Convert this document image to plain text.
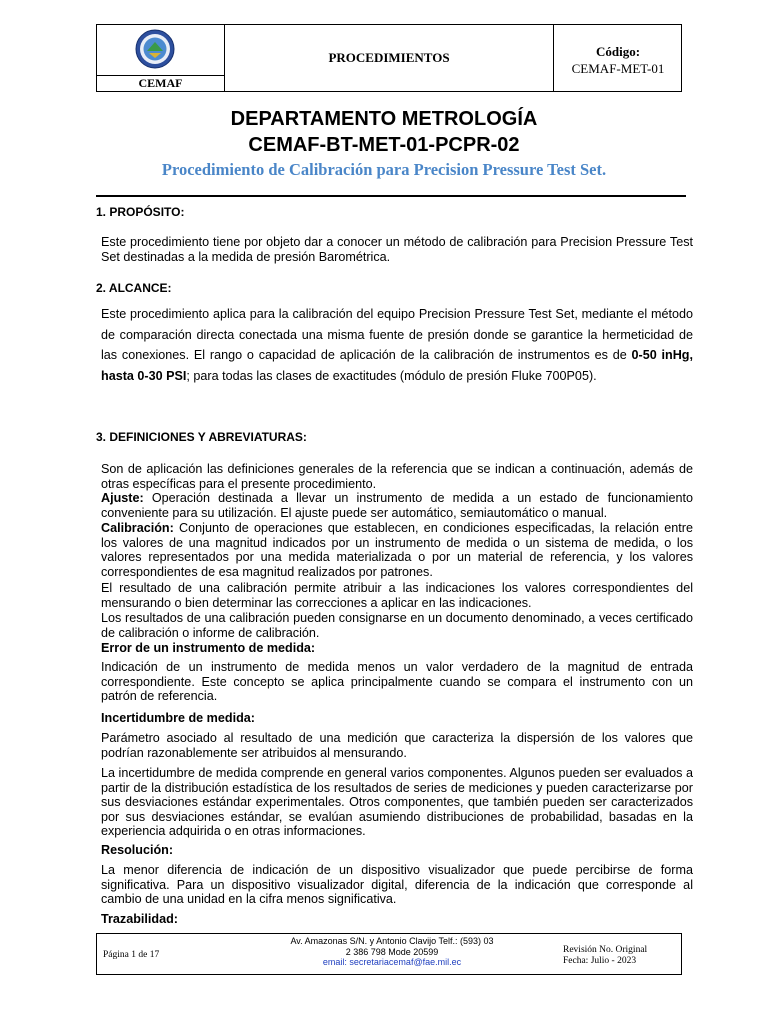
CEMAF
PROCEDIMIENTOS	Código:
CEMAF-MET-01
DEPARTAMENTO METROLOGÍA
CEMAF-BT-MET-01-PCPR-02
Procedimiento de Calibración para Precision Pressure Test Set.
1. PROPÓSITO:

Este procedimiento tiene por objeto dar a conocer un método de calibración para Precision Pressure Test Set destinadas a la medida de presión Barométrica.

2. ALCANCE:

Este procedimiento aplica para la calibración del equipo Precision Pressure Test Set, mediante el método de comparación directa conectada una misma fuente de presión donde se garantice la hermeticidad de las conexiones. El rango o capacidad de aplicación de la calibración de instrumentos es de 0-50 inHg, hasta 0-30 PSI; para todas las clases de exactitudes (módulo de presión Fluke 700P05).

3. DEFINICIONES Y ABREVIATURAS:

Son de aplicación las definiciones generales de la referencia que se indican a continuación, además de otras específicas para el presente procedimiento.

Ajuste: Operación destinada a llevar un instrumento de medida a un estado de funcionamiento conveniente para su utilización. El ajuste puede ser automático, semiautomático o manual.

Calibración: Conjunto de operaciones que establecen, en condiciones especificadas, la relación entre los valores de una magnitud indicados por un instrumento de medida o un sistema de medida, o los valores representados por una medida materializada o por un material de referencia, y los valores correspondientes de esa magnitud realizados por patrones.

El resultado de una calibración permite atribuir a las indicaciones los valores correspondientes del mensurando o bien determinar las correcciones a aplicar en las indicaciones.

Los resultados de una calibración pueden consignarse en un documento denominado, a veces certificado de calibración o informe de calibración.

Error de un instrumento de medida:

Indicación de un instrumento de medida menos un valor verdadero de la magnitud de entrada correspondiente. Este concepto se aplica principalmente cuando se compara el instrumento con un patrón de referencia.

Incertidumbre de medida:

Parámetro asociado al resultado de una medición que caracteriza la dispersión de los valores que podrían razonablemente ser atribuidos al mensurando.

La incertidumbre de medida comprende en general varios componentes. Algunos pueden ser evaluados a partir de la distribución estadística de los resultados de series de mediciones y pueden caracterizarse por sus desviaciones estándar experimentales. Otros componentes, que también pueden ser caracterizados por sus desviaciones estándar, se evalúan asumiendo distribuciones de probabilidad, basadas en la experiencia adquirida o en otras informaciones.

Resolución:

La menor diferencia de indicación de un dispositivo visualizador que puede percibirse de forma significativa. Para un dispositivo visualizador digital, diferencia de la indicación que corresponde al cambio de una unidad en la cifra menos significativa.

Trazabilidad:
Página 1 de 17
Av. Amazonas S/N. y Antonio Clavijo Telf.: (593) 03
2 386 798 Mode 20599
email: secretariacemaf@fae.mil.ec
Revisión No. Original
Fecha: Julio - 2023
